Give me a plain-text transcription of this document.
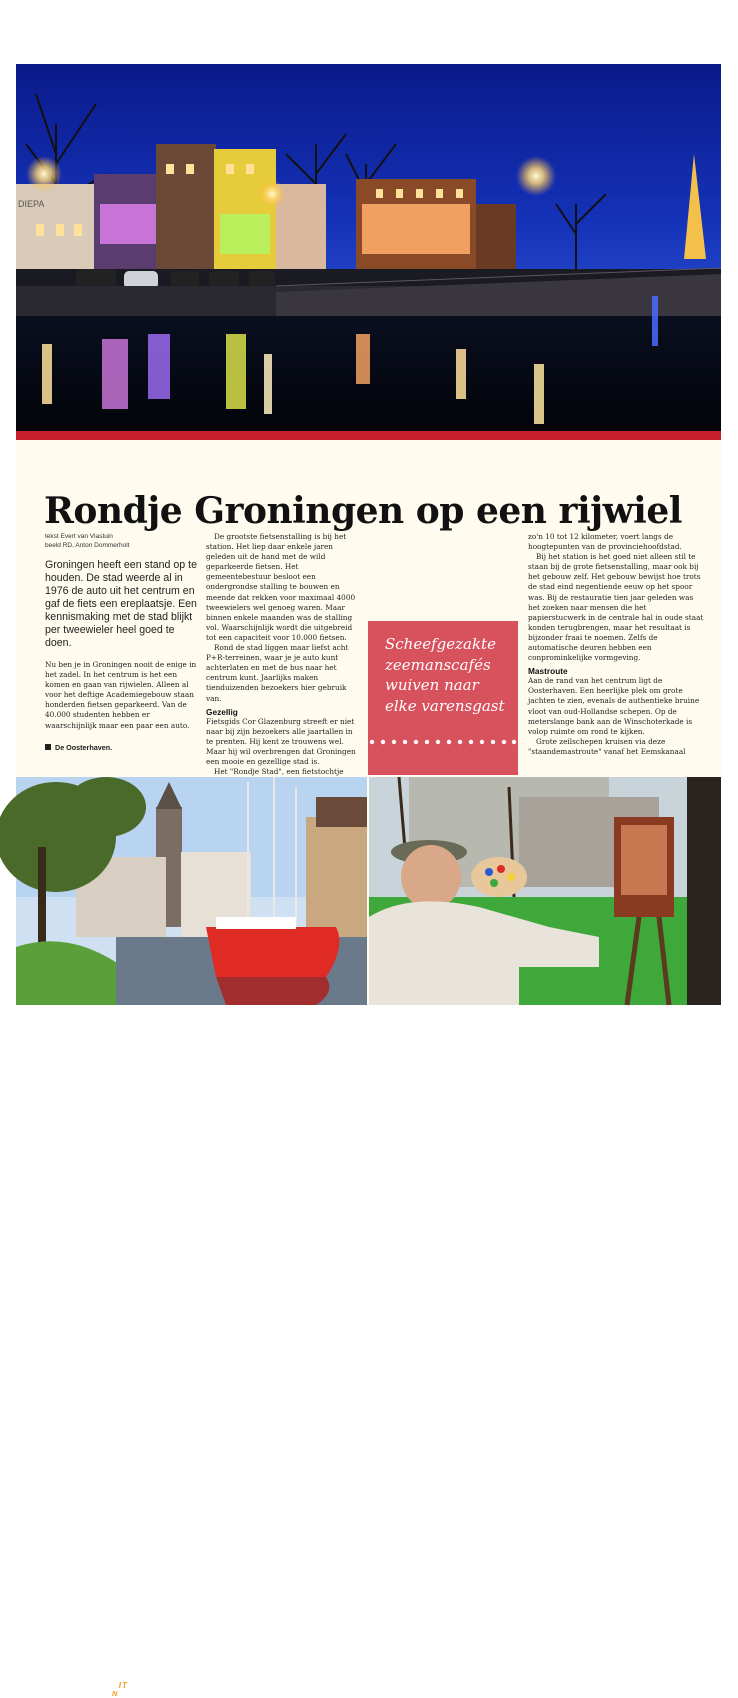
DIEPA
Rondje Groningen op een rijwiel
tekst Evert van Vlastuin
beeld RD, Anton Dommerholt
Groningen heeft een stand op te houden. De stad weerde al in 1976 de auto uit het centrum en gaf de fiets een ereplaatsje. Een kennismaking met de stad blijkt per tweewieler heel goed te doen.

Nu ben je in Groningen nooit de enige in het zadel. In het centrum is het een komen en gaan van rijwielen. Alleen al voor het deftige Academiegebouw staan honderden fietsen geparkeerd. Van de 40.000 studenten hebben er waarschijnlijk maar een paar een auto.

De Oosterhaven.

De grootste fietsenstalling is bij het station. Het liep daar enkele jaren geleden uit de hand met de wild geparkeerde fietsen. Het gemeentebestuur besloot een ondergrondse stalling te bouwen en meende dat rekken voor maximaal 4000 tweewielers wel genoeg waren. Maar binnen enkele maanden was de stalling vol. Waarschijnlijk wordt die uitgebreid tot een capaciteit voor 10.000 fietsen.

Rond de stad liggen maar liefst acht P+R-terreinen, waar je je auto kunt achterlaten en met de bus naar het centrum kunt. Jaarlijks maken tienduizenden bezoekers hier gebruik van.

Gezellig

Fietsgids Cor Glazenburg streeft er niet naar bij zijn bezoekers alle jaartallen in te prenten. Hij kent ze trouwens wel. Maar hij wil overbrengen dat Groningen een mooie en gezellige stad is.

Het "Rondje Stad", een fietstochtje

Scheefgezakte
zeemanscafés
wuiven naar
elke varensgast

zo'n 10 tot 12 kilometer, voert langs de hoogtepunten van de provinciehoofdstad.

Bij het station is het goed niet alleen stil te staan bij de grote fietsenstalling, maar ook bij het gebouw zelf. Het gebouw bewijst hoe trots de stad eind negentiende eeuw op het spoor was. Bij de restauratie tien jaar geleden was het zoeken naar mensen die het papierstucwerk in de centrale hal in oude staat konden terugbrengen, maar het resultaat is bijzonder fraai te noemen. Zelfs de automatische deuren hebben een conprominkelijke vormgeving.

Mastroute

Aan de rand van het centrum ligt de Oosterhaven. Een heerlijke plek om grote jachten te zien, evenals de authentieke bruine vloot van oud-Hollandse schepen. Op de meterslange bank aan de Winschoterkade is volop ruimte om rond te kijken.

Grote zeilschepen kruisen via deze "staandemastroute" vanaf het Eemskanaal

PAGINA 6
UIT
NEDERLAND
